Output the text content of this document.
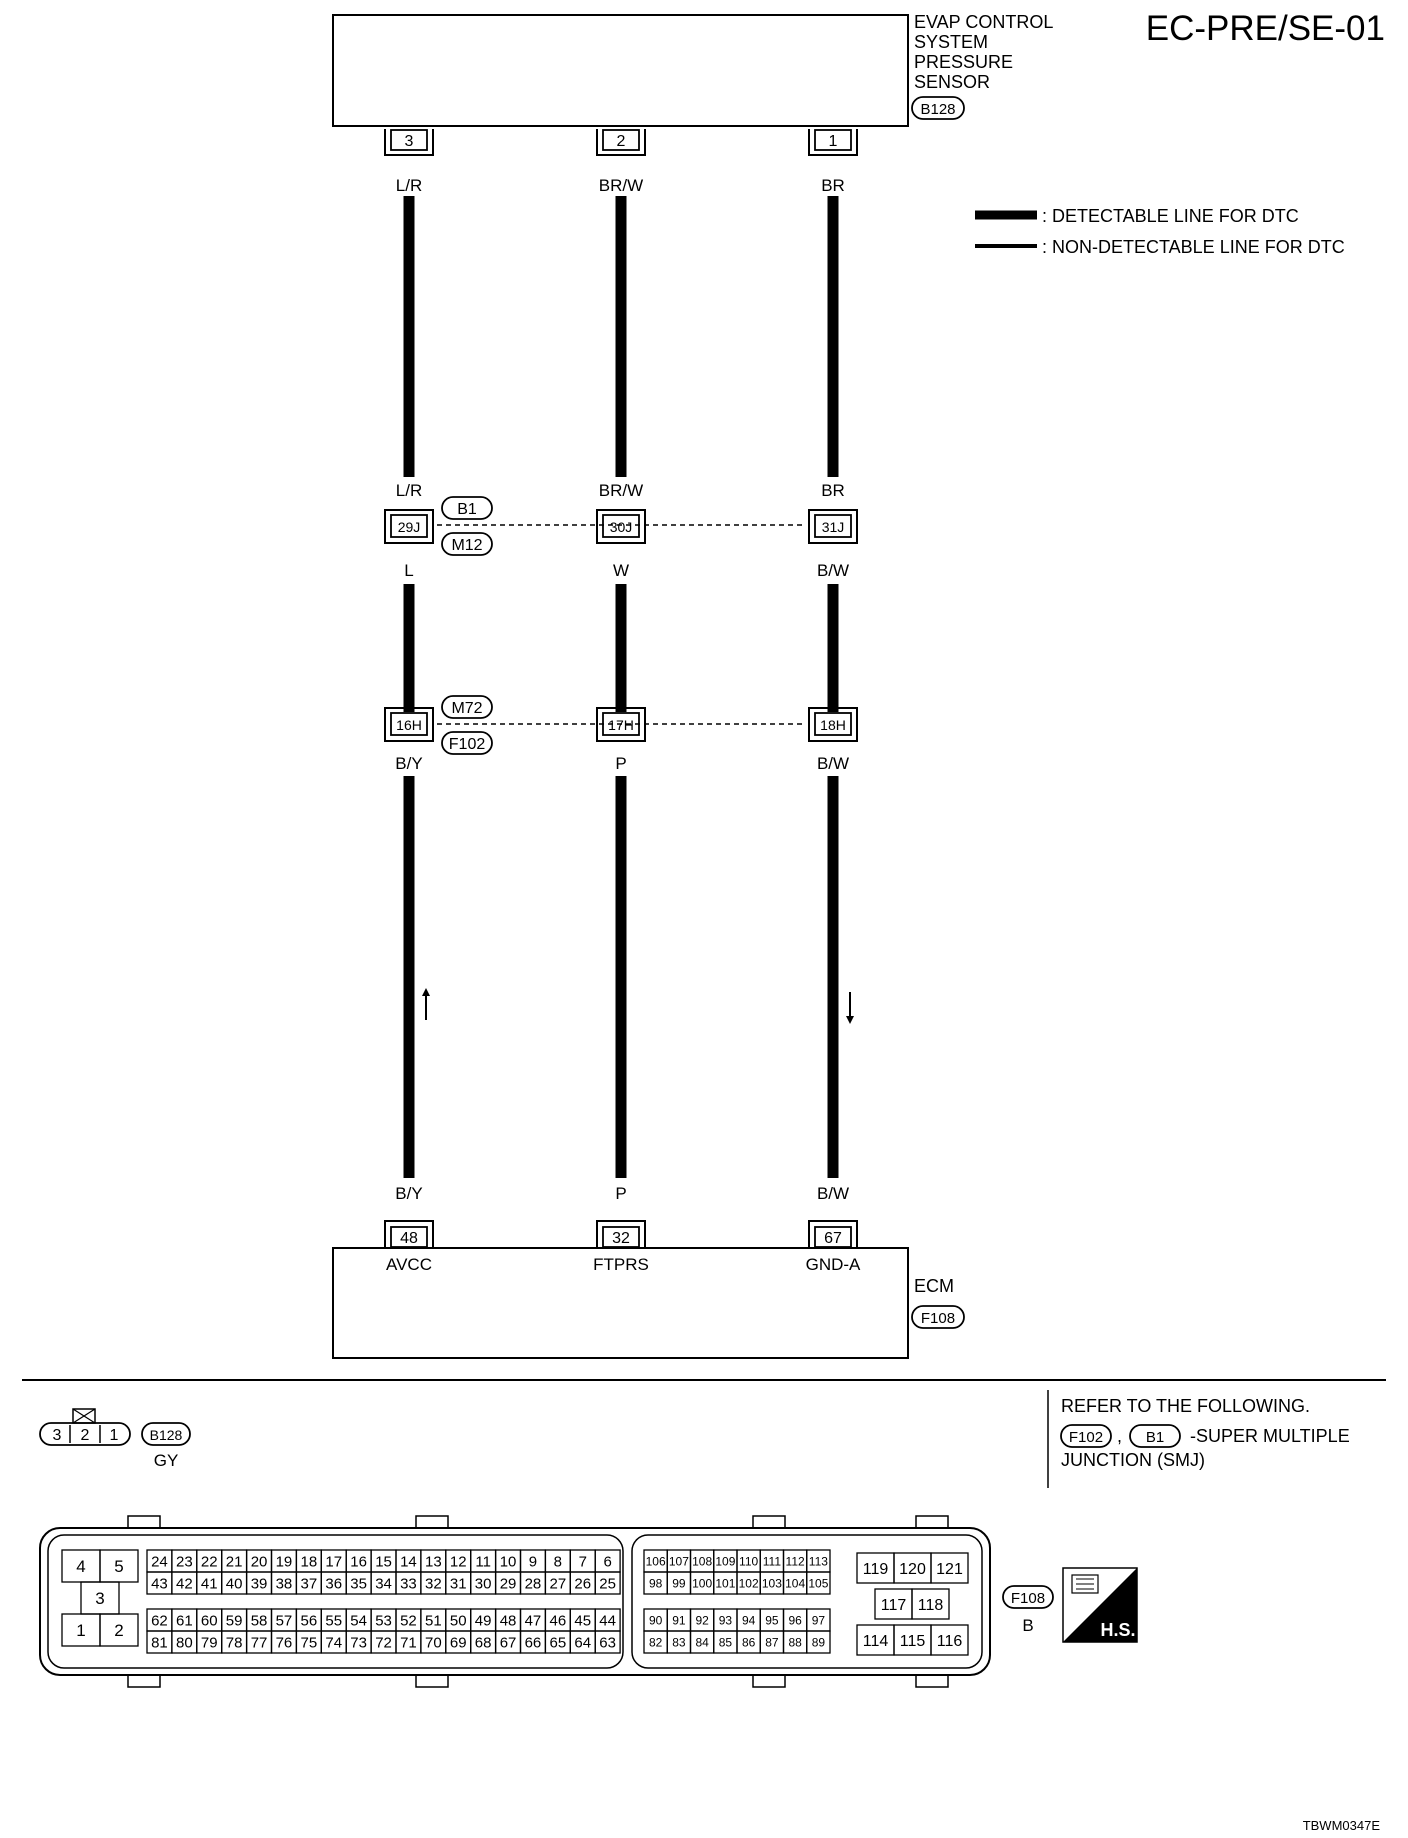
EC-PRE/SE-01
EVAP CONTROL SYSTEM PRESSURE SENSOR
B128
: DETECTABLE LINE FOR DTC
: NON-DETECTABLE LINE FOR DTC
3
L/R
L/R
29J
L
16H
B/Y
B/Y
48
AVCC
2
BR/W
BR/W
30J
W
17H
P
P
32
FTPRS
1
BR
BR
31J
B/W
18H
B/W
B/W
67
GND-A
B1
M12
M72
F102
ECM
F108
3 2 1 B128
GY
REFER TO THE FOLLOWING.
F102 , B1 -SUPER MULTIPLE
JUNCTION (SMJ)
4 5
3
1 2
24 23 22 21 20 19 18 17 16 15 14 13 12 11 10 9 8 7 6
43 42 41 40 39 38 37 36 35 34 33 32 31 30 29 28 27 26 25
62 61 60 59 58 57 56 55 54 53 52 51 50 49 48 47 46 45 44
81 80 79 78 77 76 75 74 73 72 71 70 69 68 67 66 65 64 63
106 107 108 109 110 111 112 113
98 99 100 101 102 103 104 105
90 91 92 93 94 95 96 97
82 83 84 85 86 87 88 89
119 120 121
117 118
114 115 116
F108
B	H.S.
TBWM0347E
